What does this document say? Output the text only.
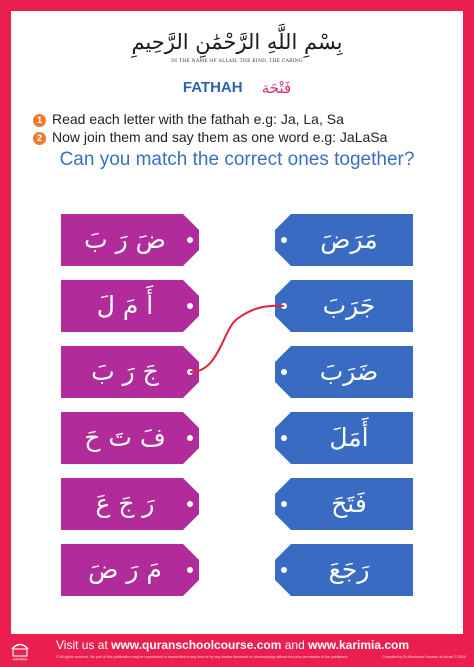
بِسْمِ اللَّهِ الرَّحْمَٰنِ الرَّحِيمِ
IN THE NAME OF ALLAH, THE KIND, THE CARING
FATHAH فَتْحَة
1 Read each letter with the fathah e.g: Ja, La, Sa
2 Now join them and say them as one word e.g: JaLaSa
Can you match the correct ones together?
ضَ رَ بَ
أَ مَ لَ
جَ رَ بَ
فَ تَ حَ
رَ جَ عَ
مَ رَ ضَ
مَرَضَ
جَرَبَ
ضَرَبَ
أَمَلَ
فَتَحَ
رَجَعَ
KARIMIA
Visit us at www.quranschoolcourse.com and www.karimia.com
© All rights reserved. No part of this publication may be reproduced or transmitted in any form or by any means electronic or photocopying without the prior permission of the publishers.	Compiled by Dr Musharraf Hussain al-Azhari © 2016
